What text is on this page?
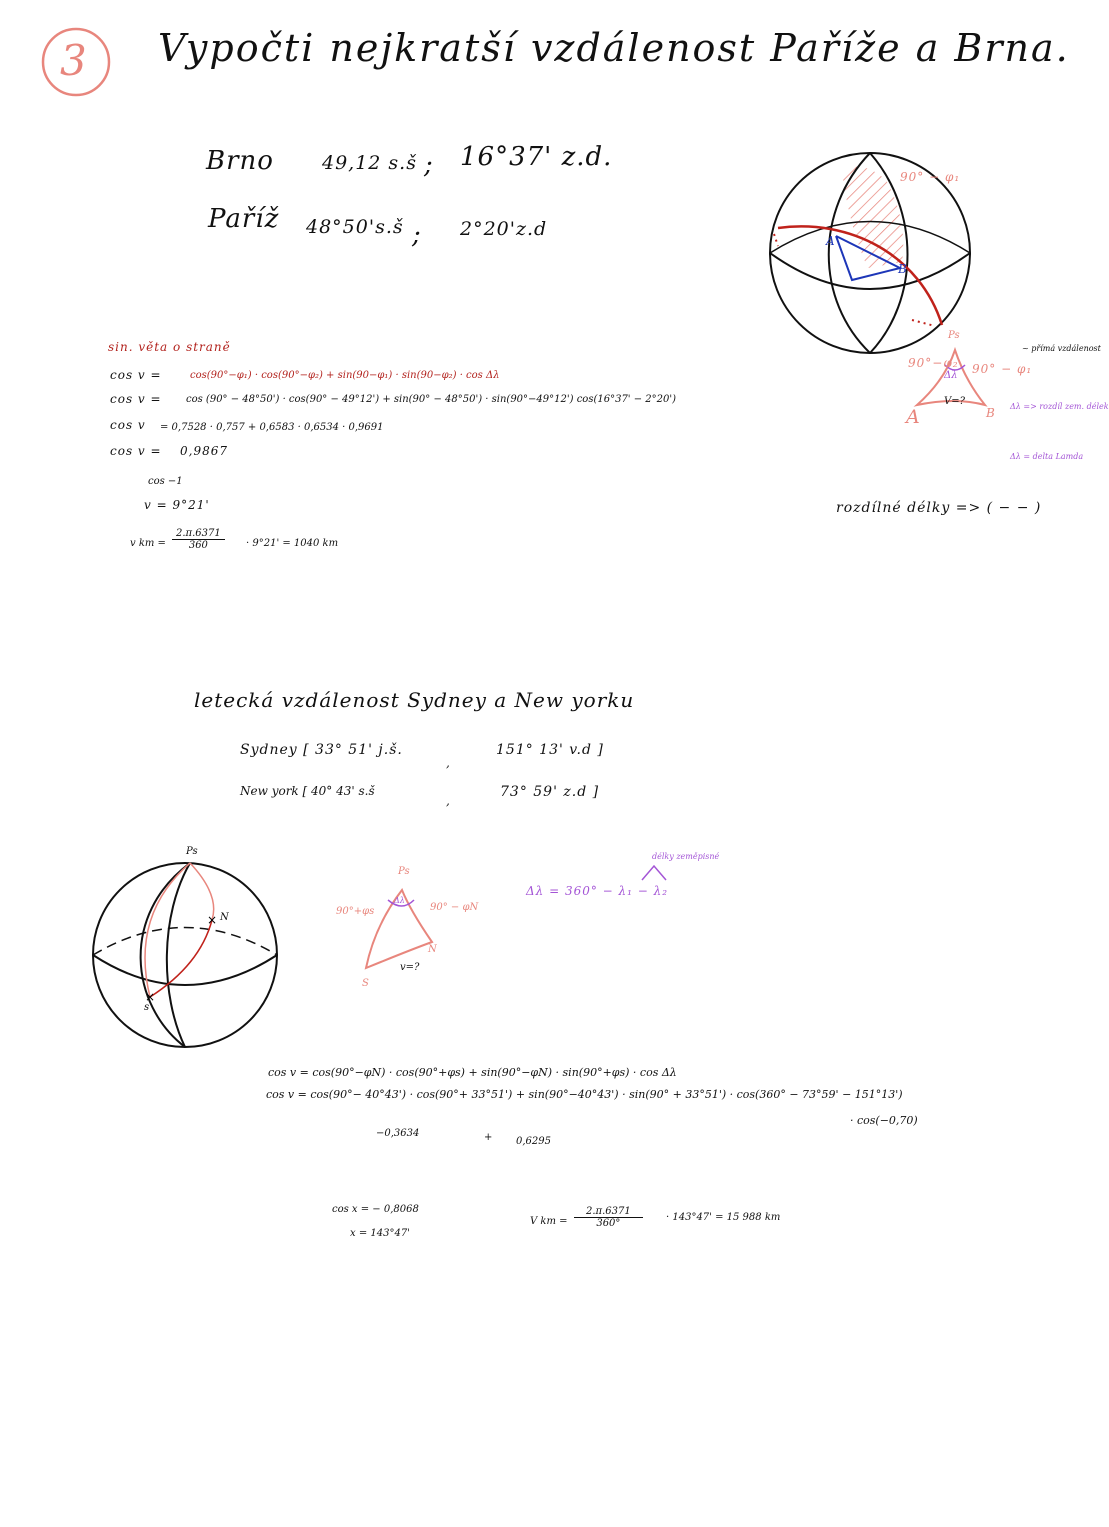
3 Vypočti nejkratší vzdálenost Paříže a Brna.
Brno	49,12 s.š ; 16°37' z.d.
Paříž 48°50's.š ; 2°20'z.d
A
B
90° − φ₁
Ps
90°−φ₂ 90° − φ₁
Δλ
V=?
A	B
~ přímá vzdálenost
Δλ => rozdíl zem. délek
Δλ = delta Lamda
rozdílné délky => ( − − )
sin. věta o straně
cos v =	cos(90°−φ₁) · cos(90°−φ₂) + sin(90−φ₁) · sin(90−φ₂) · cos Δλ
cos v = cos (90° − 48°50') · cos(90° − 49°12') + sin(90° − 48°50') · sin(90°−49°12') cos(16°37' − 2°20')
cos v = 0,7528 · 0,757 + 0,6583 · 0,6534 · 0,9691
cos v = 0,9867
cos −1
v = 9°21'
v km = $\frac{2.\pi.6371}{360} \cdot 9^\circ 21' = 1040$ km
letecká vzdálenost Sydney a New yorku
Sydney [ 33° 51' j.š.
,
151° 13' v.d ]
New york [ 40° 43' s.š
,
73° 59' z.d ]
×
×
Ps
N
s
Ps
90°+φs
Δλ
90° − φN
N
S
v=?
Δλ = 360° − λ₁ − λ₂
délky zeměpisné
cos v = cos(90°−φN) · cos(90°+φs) + sin(90°−φN) · sin(90°+φs) · cos Δλ
cos v = cos(90°− 40°43') · cos(90°+ 33°51') + sin(90°−40°43') · sin(90° + 33°51') · cos(360° − 73°59' − 151°13')
· cos(−0,70)
−0,3634	+ 0,6295
cos x = − 0,8068
x = 143°47'
V km = $\frac{2.\pi.6371}{360^\circ} \cdot 143^\circ 47' = 15$ 988 km
